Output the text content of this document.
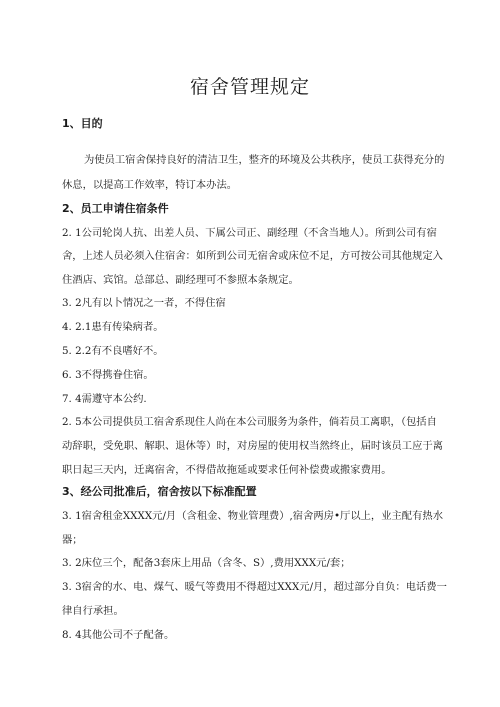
宿舍管理规定
1、目的
为使员工宿舍保持良好的清洁卫生，整齐的环境及公共秩序，使员工获得充分的
休息，以提高工作效率，特订本办法。
2、员工申请住宿条件
2. 1公司轮岗人抗、出差人员、下属公司正、副经理（不含当地人）。所到公司有宿
舍，上述人员必须入住宿舍：如所到公司无宿舍或床位不足，方可按公司其他规定入
住酒店、宾馆。总部总、副经理可不参照本条规定。
3. 2凡有以卜情况之一者，不得住宿
4. 2.1患有传染病者。
5. 2.2有不良嗜好不。
6. 3不得携眷住宿。
7. 4需遵守本公约.
2. 5本公司提供员工宿舍系现住人尚在本公司服务为条件，倘若员工离职，（包括自
动辞职，受免职、解职、退休等）时，对房屋的使用权当然终止，届时该员工应于离
职日起三天内，迁离宿舍，不得借故拖延或要求任何补偿费或搬家费用。
3、经公司批准后，宿舍按以下标准配置
3. 1宿舍租金XXXX元/月（含租金、物业管理费）,宿舍两房•厅以上，业主配有热水
器；
3. 2床位三个，配备3套床上用品（含冬、S）,费用XXX元/套；
3. 3宿舍的水、电、煤气、暖气等费用不得超过XXX元/月，超过部分自负：电话费一
律自行承担。
8. 4其他公司不子配备。
